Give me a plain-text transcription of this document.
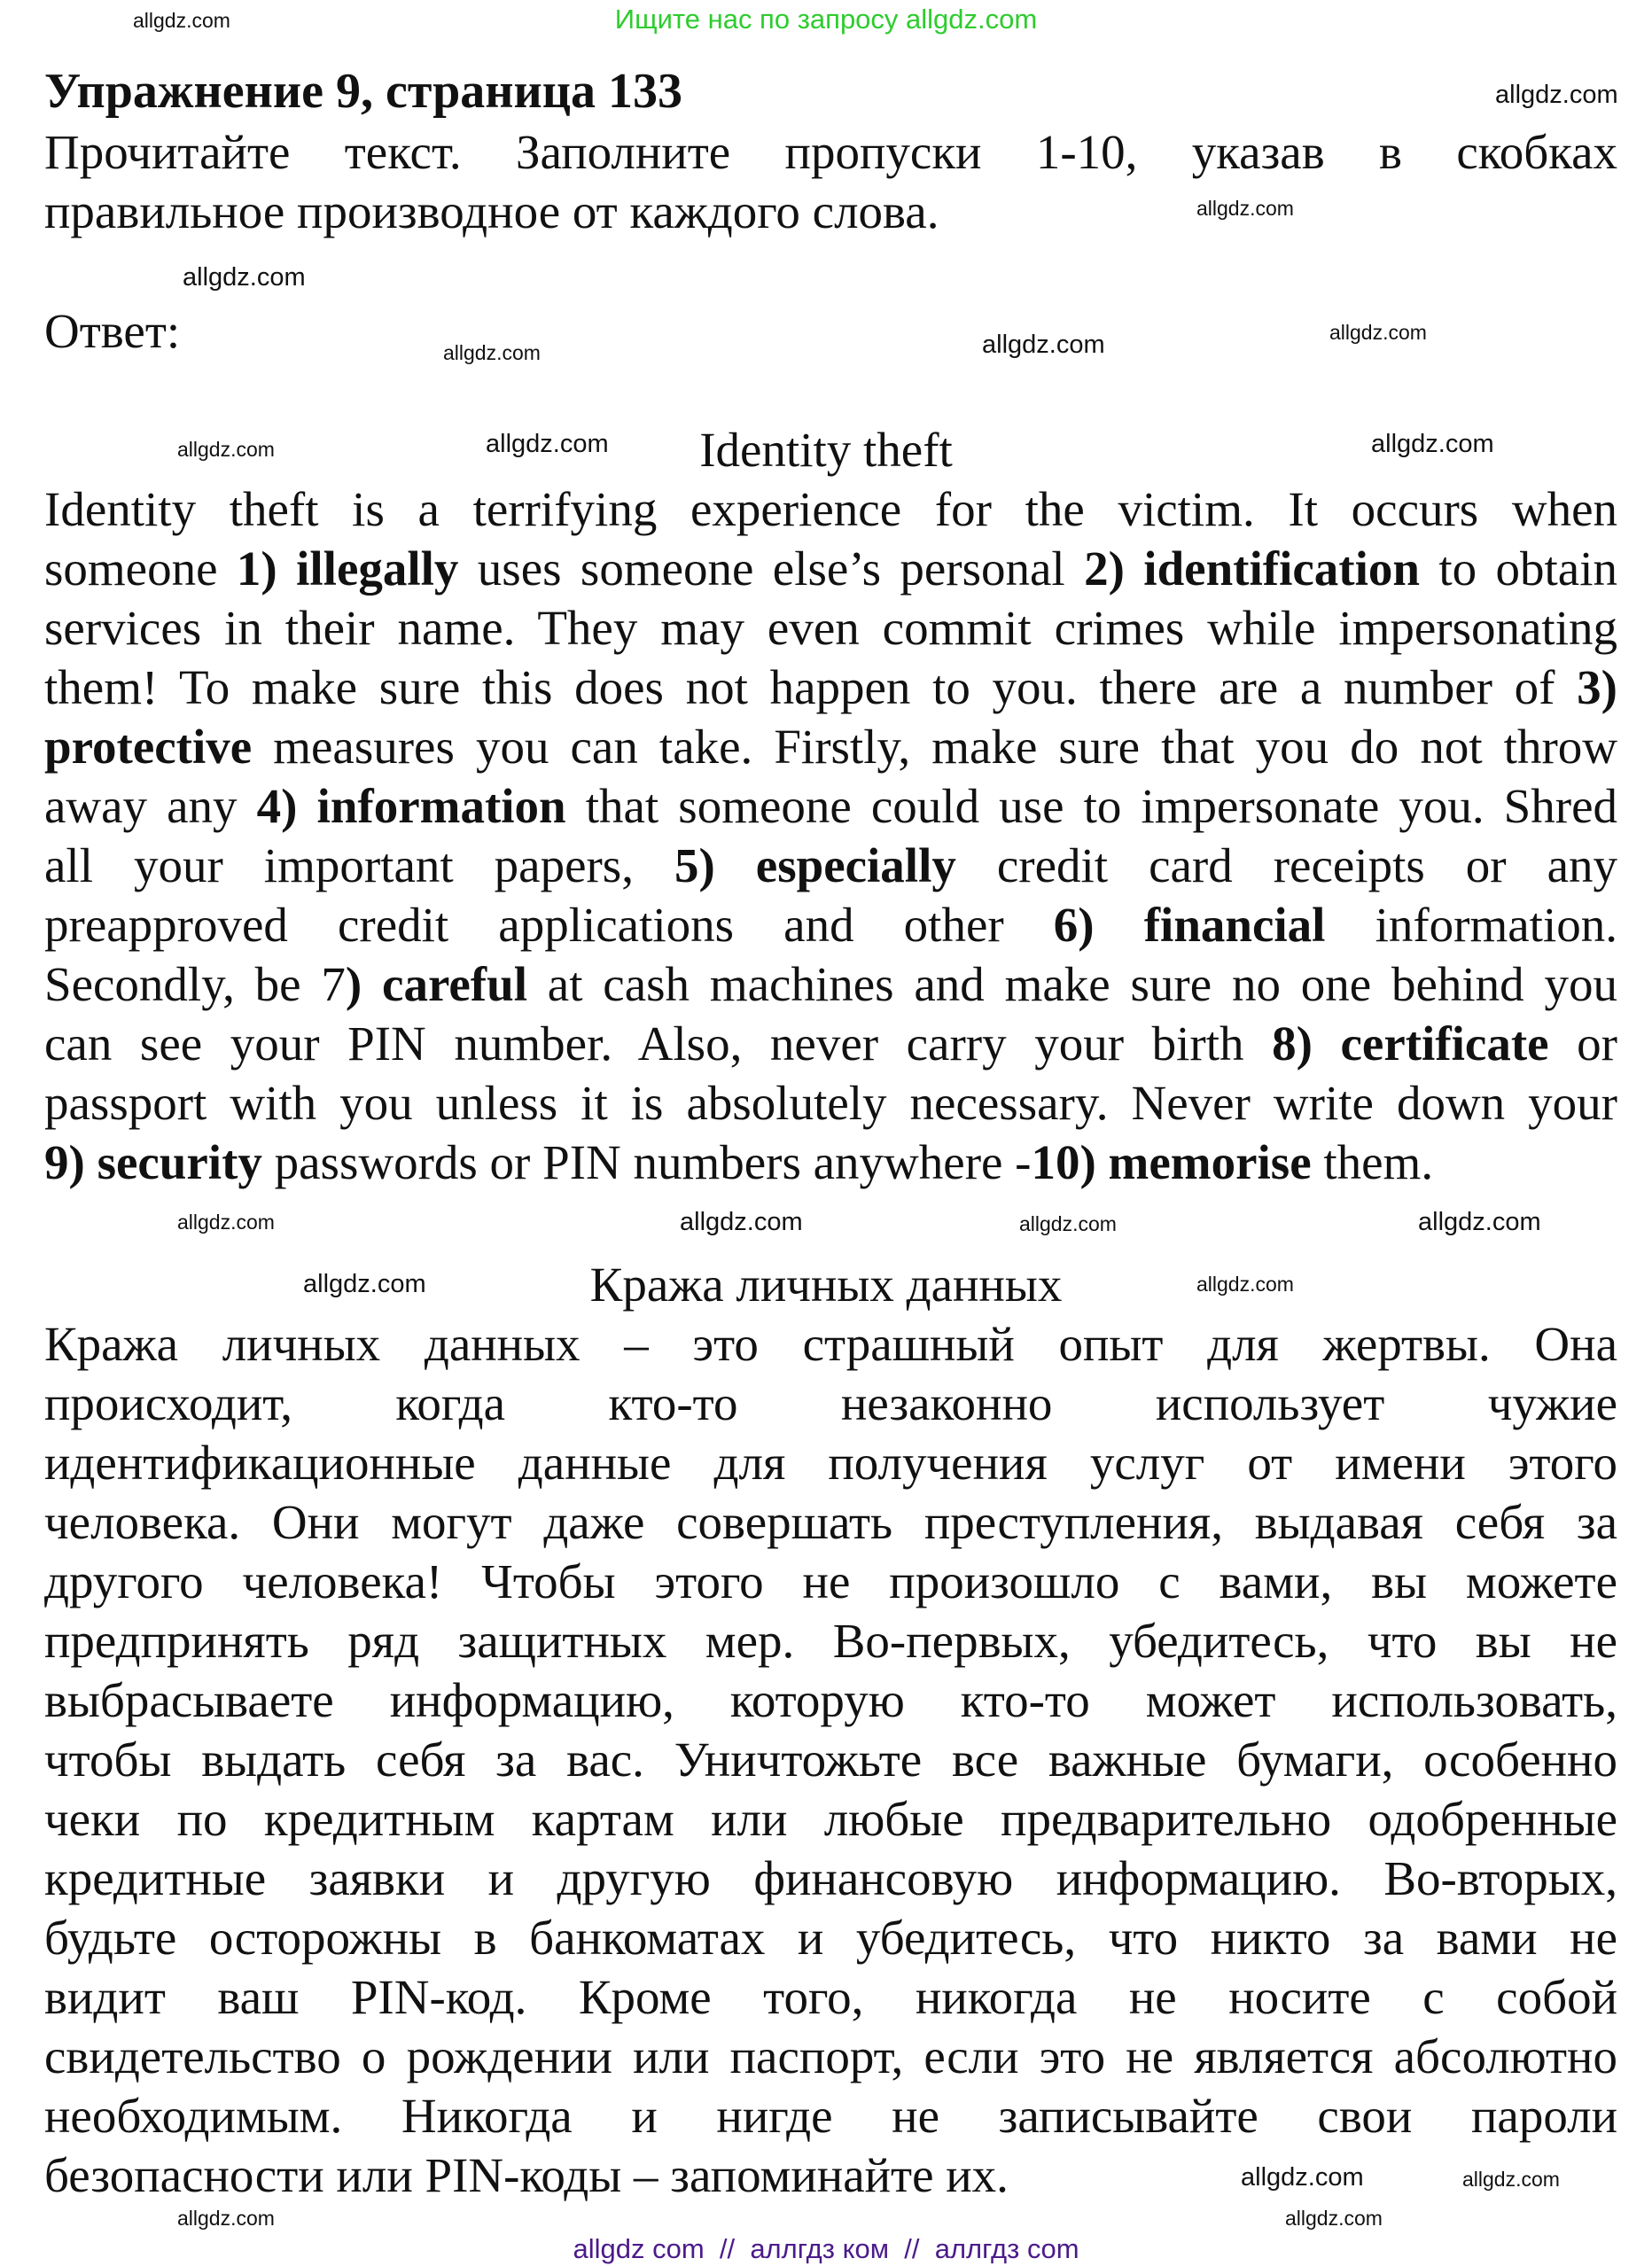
Ищите нас по запросу allgdz.com
Упражнение 9, страница 133
Прочитайте текст. Заполните пропуски 1-10, указав в скобках
правильное производное от каждого слова.
Ответ:
Identity theft
Identity theft is a terrifying experience for the victim. It occurs when
someone 1) illegally uses someone else’s personal 2) identification to obtain
services in their name. They may even commit crimes while impersonating
them! To make sure this does not happen to you. there are a number of 3)
protective measures you can take. Firstly, make sure that you do not throw
away any 4) information that someone could use to impersonate you. Shred
all your important papers, 5) especially credit card receipts or any
preapproved credit applications and other 6) financial information.
Secondly, be 7) careful at cash machines and make sure no one behind you
can see your PIN number. Also, never carry your birth 8) certificate or
passport with you unless it is absolutely necessary. Never write down your
9) security passwords or PIN numbers anywhere -10) memorise them.
Кража личных данных
Кража личных данных – это страшный опыт для жертвы. Она
происходит, когда кто-то незаконно использует чужие
идентификационные данные для получения услуг от имени этого
человека. Они могут даже совершать преступления, выдавая себя за
другого человека! Чтобы этого не произошло с вами, вы можете
предпринять ряд защитных мер. Во-первых, убедитесь, что вы не
выбрасываете информацию, которую кто-то может использовать,
чтобы выдать себя за вас. Уничтожьте все важные бумаги, особенно
чеки по кредитным картам или любые предварительно одобренные
кредитные заявки и другую финансовую информацию. Во-вторых,
будьте осторожны в банкоматах и убедитесь, что никто за вами не
видит ваш PIN-код. Кроме того, никогда не носите с собой
свидетельство о рождении или паспорт, если это не является абсолютно
необходимым. Никогда и нигде не записывайте свои пароли
безопасности или PIN-коды – запоминайте их.
allgdz.com
allgdz.com
allgdz.com
allgdz.com	allgdz.com
allgdz.com
allgdz.com
allgdz.com
allgdz.com
allgdz.com
allgdz.com
allgdz.com	allgdz.com
allgdz.com	allgdz.com
allgdz.com
allgdz.com	allgdz.com
allgdz.com
allgdz.com
allgdz com  //  аллгдз ком  //  аллгдз com
